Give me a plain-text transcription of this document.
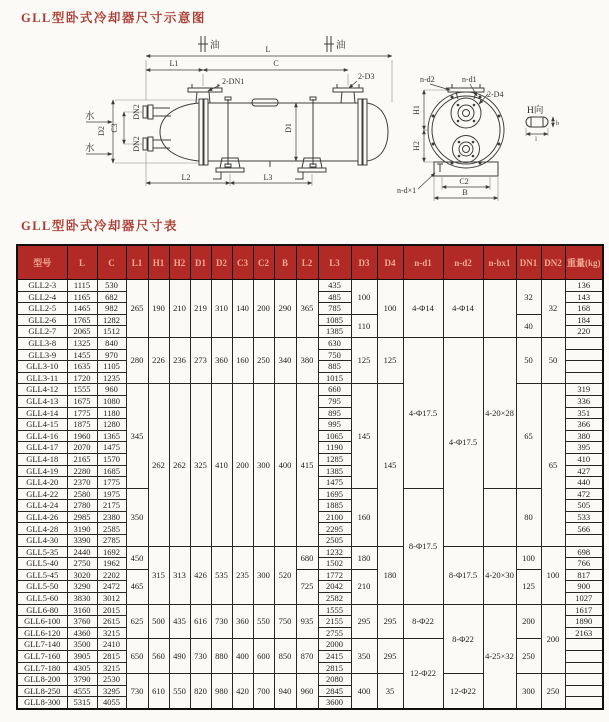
GLL型卧式冷却器尺寸示意图
油	油
L
L1	C
2-DN1
2-D3
水
水
D2 C3
DN2
DN2
D1
L2	L3
n-d2	n-d1
2-D4
H1
H2
C2
B
n-d×1
H向
l
b
GLL型卧式冷却器尺寸表
型号	L	C	L1	H1	H2	D1	D2	C3	C2	B	L2	L3	D3	D4	n-d1	n-d2	n-bx1	DN1	DN2	重量(kg)
GLL2-3	1115	530	265	190	210	219	310	140	200	290	365	435	100	100	4-Φ14	4-Φ14		32	32	136
GLL2-4	1165	682										485								143
GLL2-5	1465	982										785								168
GLL2-6	1765	1282										1085	110					40		184
GLL2-7	2065	1512										1385								220
GLL3-8	1325	840	280	226	236	273	360	160	250	340	380	630	125	125	4-Φ17.5	4-Φ17.5	4-20×28	50	50	
GLL3-9	1455	970										750								
GLL3-10	1635	1105										885								
GLL3-11	1720	1235										1015								
GLL4-12	1555	960	345	262	262	325	410	200	300	400	415	660	145	145				65	65	319
GLL4-13	1675	1080										795								336
GLL4-14	1775	1180										895								351
GLL4-15	1875	1280										995								366
GLL4-16	1960	1365										1065								380
GLL4-17	2070	1475										1190								395
GLL4-18	2165	1570										1285								410
GLL4-19	2280	1685										1385								427
GLL4-20	2370	1775										1475								440
GLL4-22	2580	1975	350									1695	160		8-Φ17.5			80		472
GLL4-24	2780	2175										1885								505
GLL4-26	2985	2380										2100								533
GLL4-28	3190	2585										2295								566
GLL4-30	3390	2785										2505								
GLL5-35	2440	1692	450	315	313	426	535	235	300	520	680	1232	180	180		8-Φ17.5	4-20×30	100	100	698
GLL5-40	2750	1962										1502								766
GLL5-45	3020	2202	465								725	1772	210					125		817
GLL5-50	3290	2472										2042								900
GLL5-60	3830	3012										2582								1027
GLL6-80	3160	2015	625	500	435	616	730	360	550	750	935	1555	295	295	8-Φ22	8-Φ22	4-25×32	200	200	1617
GLL6-100	3760	2615										2155								1890
GLL6-120	4360	3215										2755								2163
GLL7-140	3500	2410	650	560	490	730	880	400	600	850	870	2000	350	295	12-Φ22			250		
GLL7-160	3905	2815										2415								
GLL7-180	4305	3215										2815								
GLL8-200	3790	2530	730	610	550	820	980	420	700	940	960	2080	400	35		12-Φ22		300	250	
GLL8-250	4555	3295										2845								
GLL8-300	5315	4055										3600								
